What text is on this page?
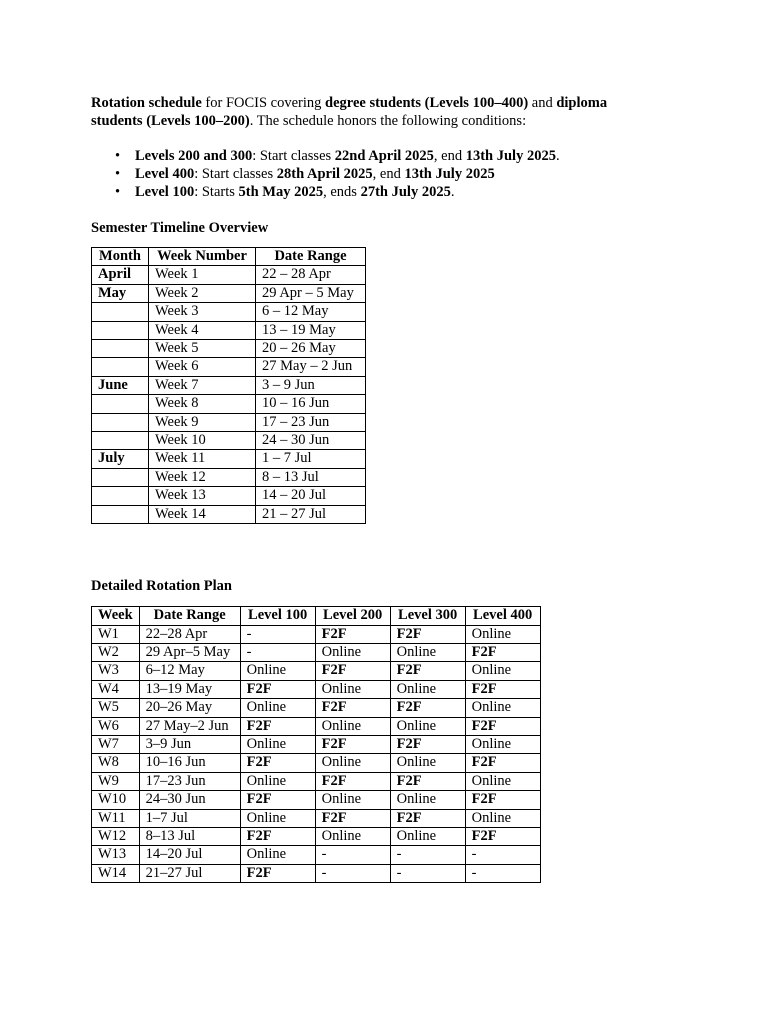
Rotation schedule for FOCIS covering degree students (Levels 100–400) and diploma students (Levels 100–200). The schedule honors the following conditions:

• Levels 200 and 300: Start classes 22nd April 2025, end 13th July 2025.
• Level 400: Start classes 28th April 2025, end 13th July 2025
• Level 100: Starts 5th May 2025, ends 27th July 2025.
Semester Timeline Overview
Month	Week Number	Date Range
April	Week 1	22 – 28 Apr
May	Week 2	29 Apr – 5 May
	Week 3	6 – 12 May
	Week 4	13 – 19 May
	Week 5	20 – 26 May
	Week 6	27 May – 2 Jun
June	Week 7	3 – 9 Jun
	Week 8	10 – 16 Jun
	Week 9	17 – 23 Jun
	Week 10	24 – 30 Jun
July	Week 11	1 – 7 Jul
	Week 12	8 – 13 Jul
	Week 13	14 – 20 Jul
	Week 14	21 – 27 Jul
Detailed Rotation Plan
Week	Date Range	Level 100	Level 200	Level 300	Level 400
W1	22–28 Apr	-	F2F	F2F	Online
W2	29 Apr–5 May	-	Online	Online	F2F
W3	6–12 May	Online	F2F	F2F	Online
W4	13–19 May	F2F	Online	Online	F2F
W5	20–26 May	Online	F2F	F2F	Online
W6	27 May–2 Jun	F2F	Online	Online	F2F
W7	3–9 Jun	Online	F2F	F2F	Online
W8	10–16 Jun	F2F	Online	Online	F2F
W9	17–23 Jun	Online	F2F	F2F	Online
W10	24–30 Jun	F2F	Online	Online	F2F
W11	1–7 Jul	Online	F2F	F2F	Online
W12	8–13 Jul	F2F	Online	Online	F2F
W13	14–20 Jul	Online	-	-	-
W14	21–27 Jul	F2F	-	-	-
